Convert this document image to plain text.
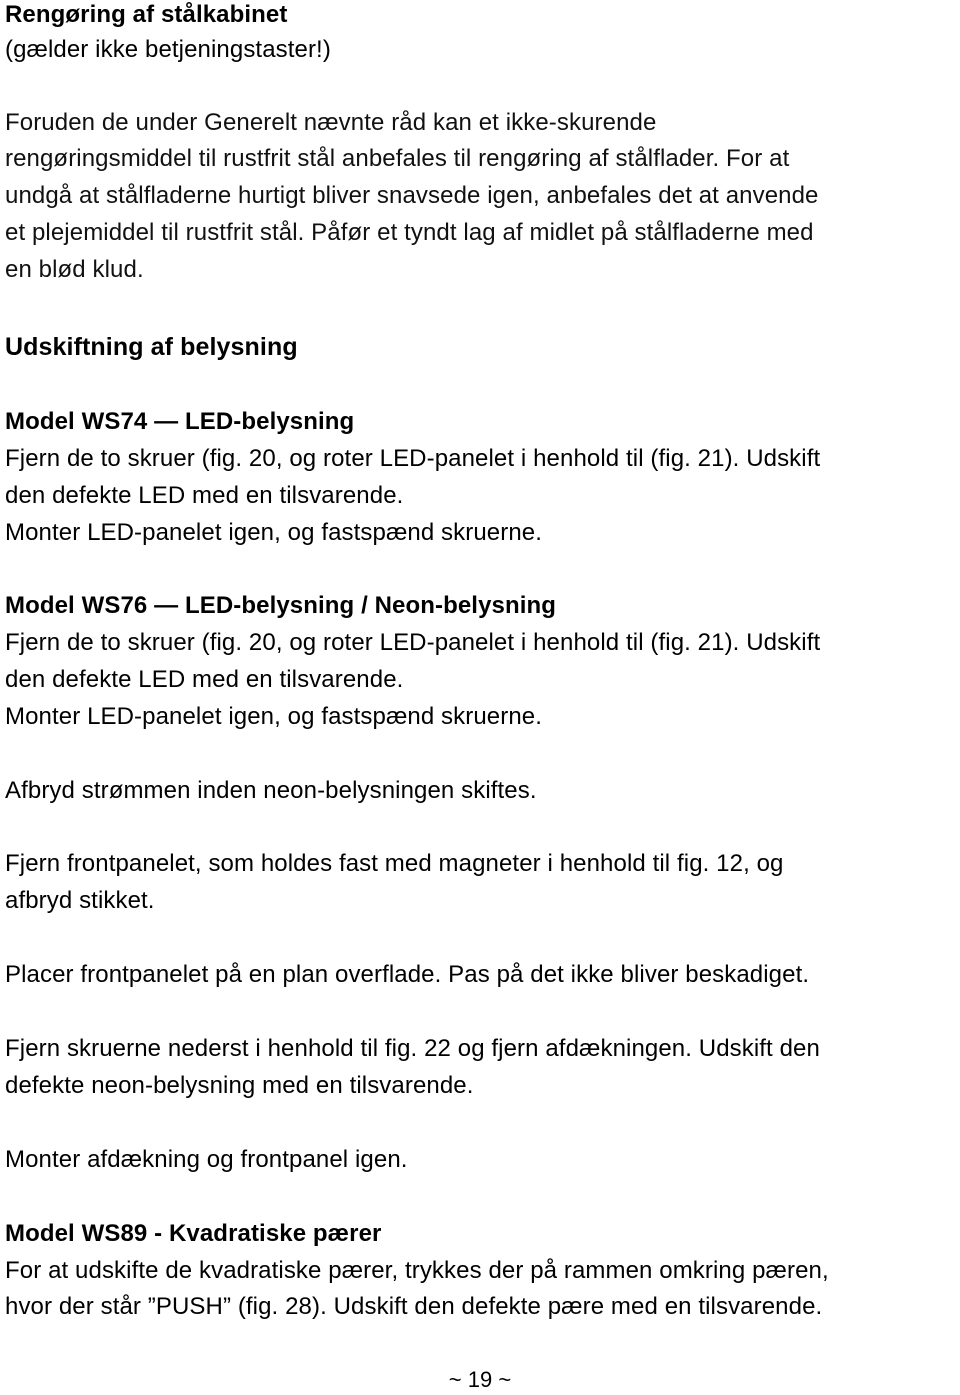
Rengøring af stålkabinet

(gælder ikke betjeningstaster!)

Foruden de under Generelt nævnte råd kan et ikke-skurende

rengøringsmiddel til rustfrit stål anbefales til rengøring af stålflader. For at

undgå at stålfladerne hurtigt bliver snavsede igen, anbefales det at anvende

et plejemiddel til rustfrit stål. Påfør et tyndt lag af midlet på stålfladerne med

en blød klud.

Udskiftning af belysning

Model WS74 — LED-belysning

Fjern de to skruer (fig. 20, og roter LED-panelet i henhold til (fig. 21). Udskift

den defekte LED med en tilsvarende.

Monter LED-panelet igen, og fastspænd skruerne.

Model WS76 — LED-belysning / Neon-belysning

Fjern de to skruer (fig. 20, og roter LED-panelet i henhold til (fig. 21). Udskift

den defekte LED med en tilsvarende.

Monter LED-panelet igen, og fastspænd skruerne.

Afbryd strømmen inden neon-belysningen skiftes.

Fjern frontpanelet, som holdes fast med magneter i henhold til fig. 12, og

afbryd stikket.

Placer frontpanelet på en plan overflade. Pas på det ikke bliver beskadiget.

Fjern skruerne nederst i henhold til fig. 22 og fjern afdækningen. Udskift den

defekte neon-belysning med en tilsvarende.

Monter afdækning og frontpanel igen.

Model WS89 - Kvadratiske pærer

For at udskifte de kvadratiske pærer, trykkes der på rammen omkring pæren,

hvor der står ”PUSH” (fig. 28). Udskift den defekte pære med en tilsvarende.

~ 19 ~
